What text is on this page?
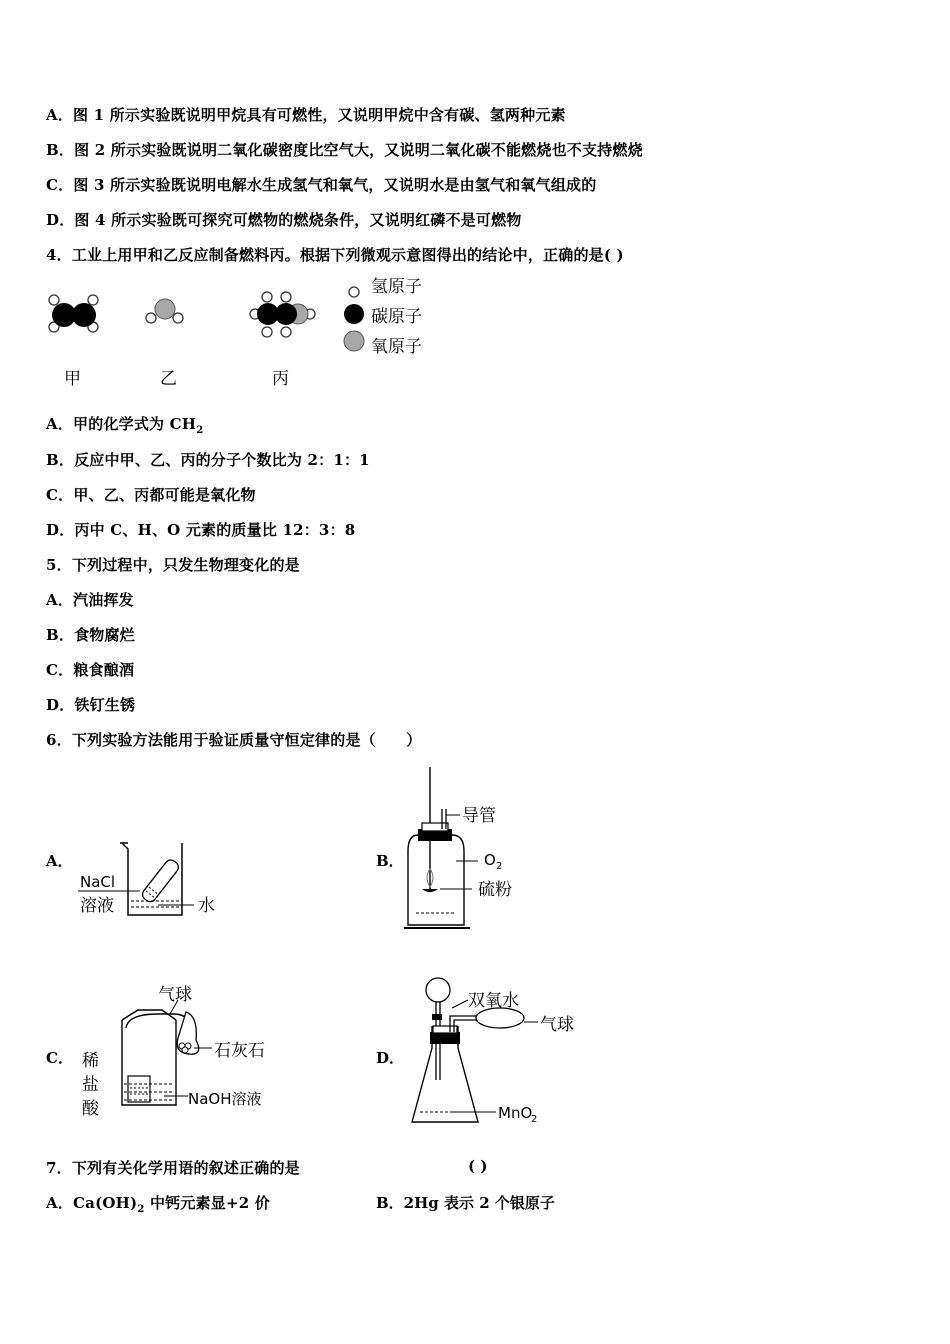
A．图 1 所示实验既说明甲烷具有可燃性，又说明甲烷中含有碳、氢两种元素
B．图 2 所示实验既说明二氧化碳密度比空气大，又说明二氧化碳不能燃烧也不支持燃烧
C．图 3 所示实验既说明电解水生成氢气和氧气，又说明水是由氢气和氧气组成的
D．图 4 所示实验既可探究可燃物的燃烧条件，又说明红磷不是可燃物
4．工业上用甲和乙反应制备燃料丙。根据下列微观示意图得出的结论中，正确的是( )
氢原子
碳原子
氧原子
甲	乙	丙
A．甲的化学式为 $CH_2$
B．反应中甲、乙、丙的分子个数比为 2：1：1
C．甲、乙、丙都可能是氧化物
D．丙中 C、H、O 元素的质量比 12：3：8
5．下列过程中，只发生物理变化的是
A．汽油挥发
B．食物腐烂
C．粮食酿酒
D．铁钉生锈
6．下列实验方法能用于验证质量守恒定律的是（　　）
A．	B．
C．	D．
NaCl
溶液	水
导管
O 2
硫粉
气球
石灰石
稀
盐
酸	NaOH溶液
双氧水
气球
MnO
2
7．下列有关化学用语的叙述正确的是	( )
A．$Ca(OH)_2$ 中钙元素显+2 价	B．2Hg 表示 2 个银原子
